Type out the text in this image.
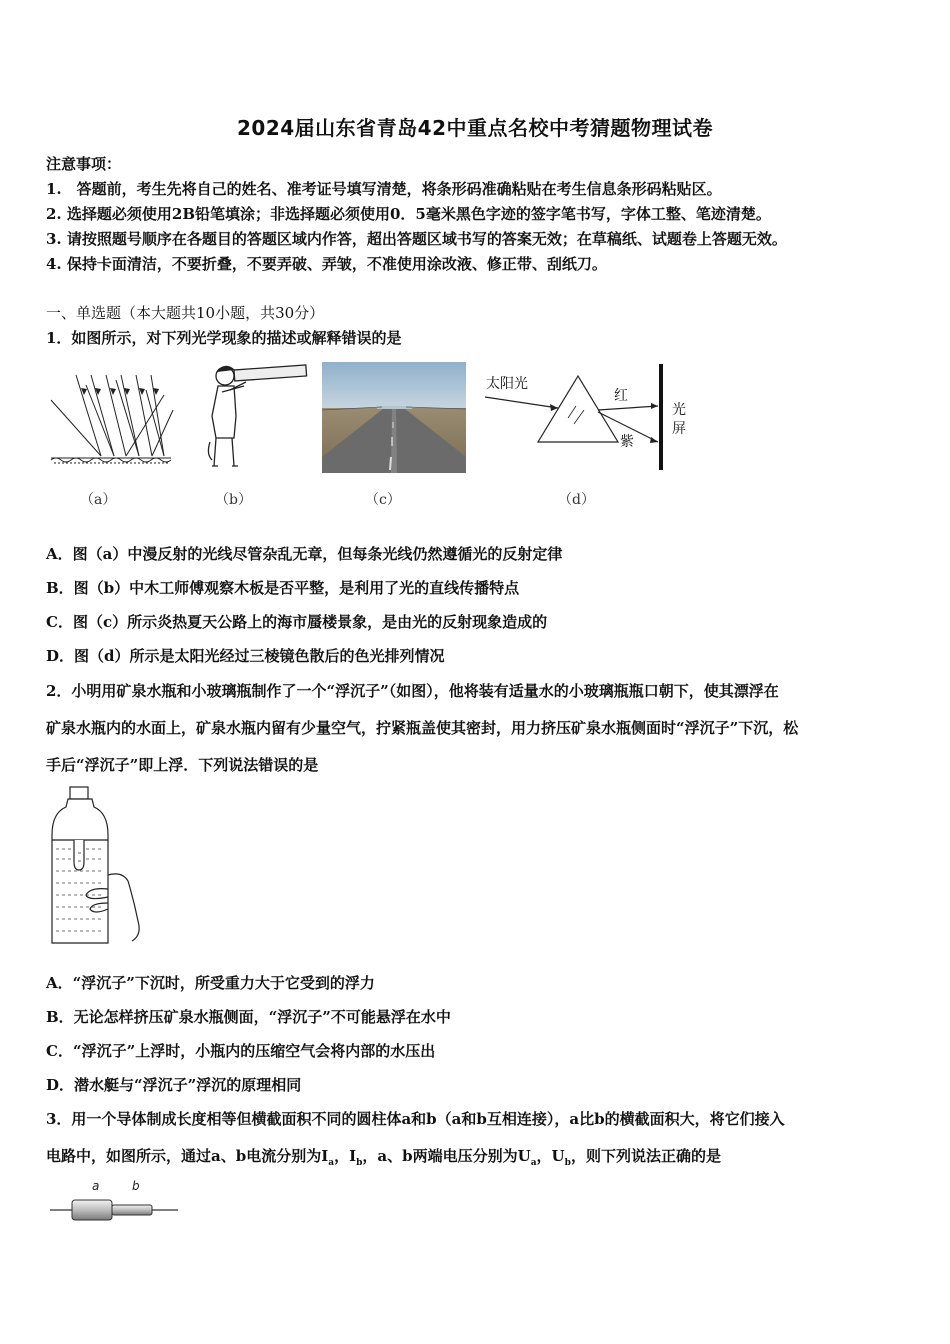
2024届山东省青岛42中重点名校中考猜题物理试卷
注意事项：
1.　答题前，考生先将自己的姓名、准考证号填写清楚，将条形码准确粘贴在考生信息条形码粘贴区。
2. 选择题必须使用2B铅笔填涂；非选择题必须使用0．5毫米黑色字迹的签字笔书写，字体工整、笔迹清楚。
3. 请按照题号顺序在各题目的答题区域内作答，超出答题区域书写的答案无效；在草稿纸、试题卷上答题无效。
4. 保持卡面清洁，不要折叠，不要弄破、弄皱，不准使用涂改液、修正带、刮纸刀。
一、单选题（本大题共10小题，共30分）
1．如图所示，对下列光学现象的描述或解释错误的是
（a）	（b）	（c）
太阳光
红
紫
光
屏
（d）
A．图（a）中漫反射的光线尽管杂乱无章，但每条光线仍然遵循光的反射定律
B．图（b）中木工师傅观察木板是否平整，是利用了光的直线传播特点
C．图（c）所示炎热夏天公路上的海市蜃楼景象，是由光的反射现象造成的
D．图（d）所示是太阳光经过三棱镜色散后的色光排列情况
2．小明用矿泉水瓶和小玻璃瓶制作了一个“浮沉子”（如图），他将装有适量水的小玻璃瓶瓶口朝下，使其漂浮在
矿泉水瓶内的水面上，矿泉水瓶内留有少量空气，拧紧瓶盖使其密封，用力挤压矿泉水瓶侧面时“浮沉子”下沉，松
手后“浮沉子”即上浮．下列说法错误的是
A．“浮沉子”下沉时，所受重力大于它受到的浮力
B．无论怎样挤压矿泉水瓶侧面，“浮沉子”不可能悬浮在水中
C．“浮沉子”上浮时，小瓶内的压缩空气会将内部的水压出
D．潜水艇与“浮沉子”浮沉的原理相同
3．用一个导体制成长度相等但横截面积不同的圆柱体a和b（a和b互相连接），a比b的横截面积大，将它们接入
电路中，如图所示，通过a、b电流分别为$I_a$，$I_b$，a、b两端电压分别为$U_a$，$U_b$，则下列说法正确的是
a	b
